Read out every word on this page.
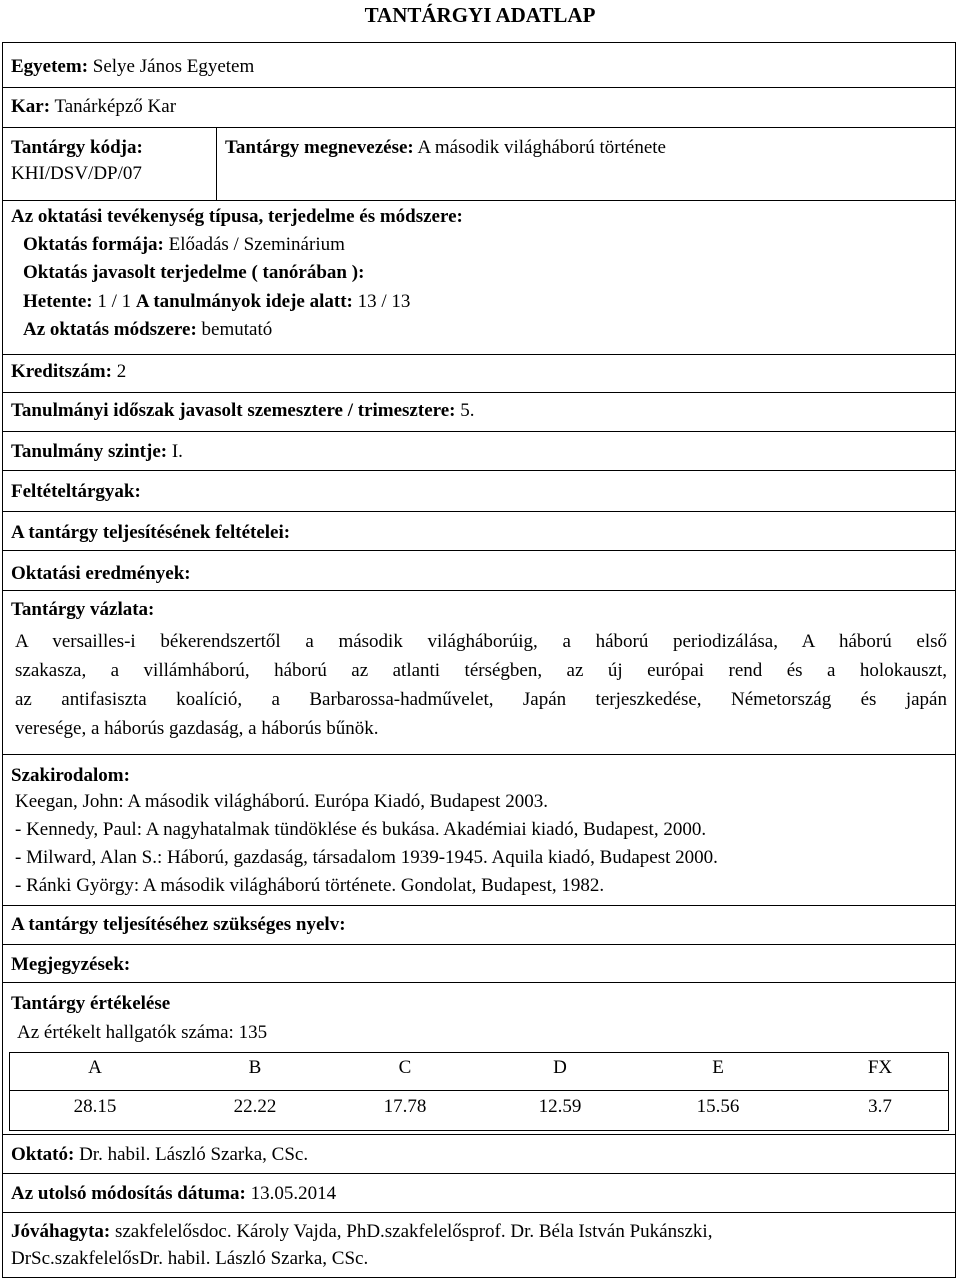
TANTÁRGYI ADATLAP
Egyetem: Selye János Egyetem
Kar: Tanárképző Kar
Tantárgy kódja:
KHI/DSV/DP/07
Tantárgy megnevezése: A második világháború története
Az oktatási tevékenység típusa, terjedelme és módszere:
Oktatás formája: Előadás / Szeminárium
Oktatás javasolt terjedelme ( tanórában ):
Hetente: 1 / 1 A tanulmányok ideje alatt: 13 / 13
Az oktatás módszere: bemutató
Kreditszám: 2
Tanulmányi időszak javasolt szemesztere / trimesztere: 5.
Tanulmány szintje: I.
Feltételtárgyak:
A tantárgy teljesítésének feltételei:
Oktatási eredmények:
Tantárgy vázlata:
A versailles-i békerendszertől a második világháborúig, a háború periodizálása, A háború első
szakasza, a villámháború, háború az atlanti térségben, az új európai rend és a holokauszt,
az antifasiszta koalíció, a Barbarossa-hadművelet, Japán terjeszkedése, Németország és japán
veresége, a háborús gazdaság, a háborús bűnök.
Szakirodalom:
Keegan, John: A második világháború. Európa Kiadó, Budapest 2003.
- Kennedy, Paul: A nagyhatalmak tündöklése és bukása. Akadémiai kiadó, Budapest, 2000.
- Milward, Alan S.: Háború, gazdaság, társadalom 1939-1945. Aquila kiadó, Budapest 2000.
- Ránki György: A második világháború története. Gondolat, Budapest, 1982.
A tantárgy teljesítéséhez szükséges nyelv:
Megjegyzések:
Tantárgy értékelése
Az értékelt hallgatók száma: 135
A	B	C	D	E	FX
28.15	22.22	17.78	12.59	15.56	3.7
Oktató: Dr. habil. László Szarka, CSc.
Az utolsó módosítás dátuma: 13.05.2014
Jóváhagyta: szakfelelősdoc. Károly Vajda, PhD.szakfelelősprof. Dr. Béla István Pukánszki,
DrSc.szakfelelősDr. habil. László Szarka, CSc.
